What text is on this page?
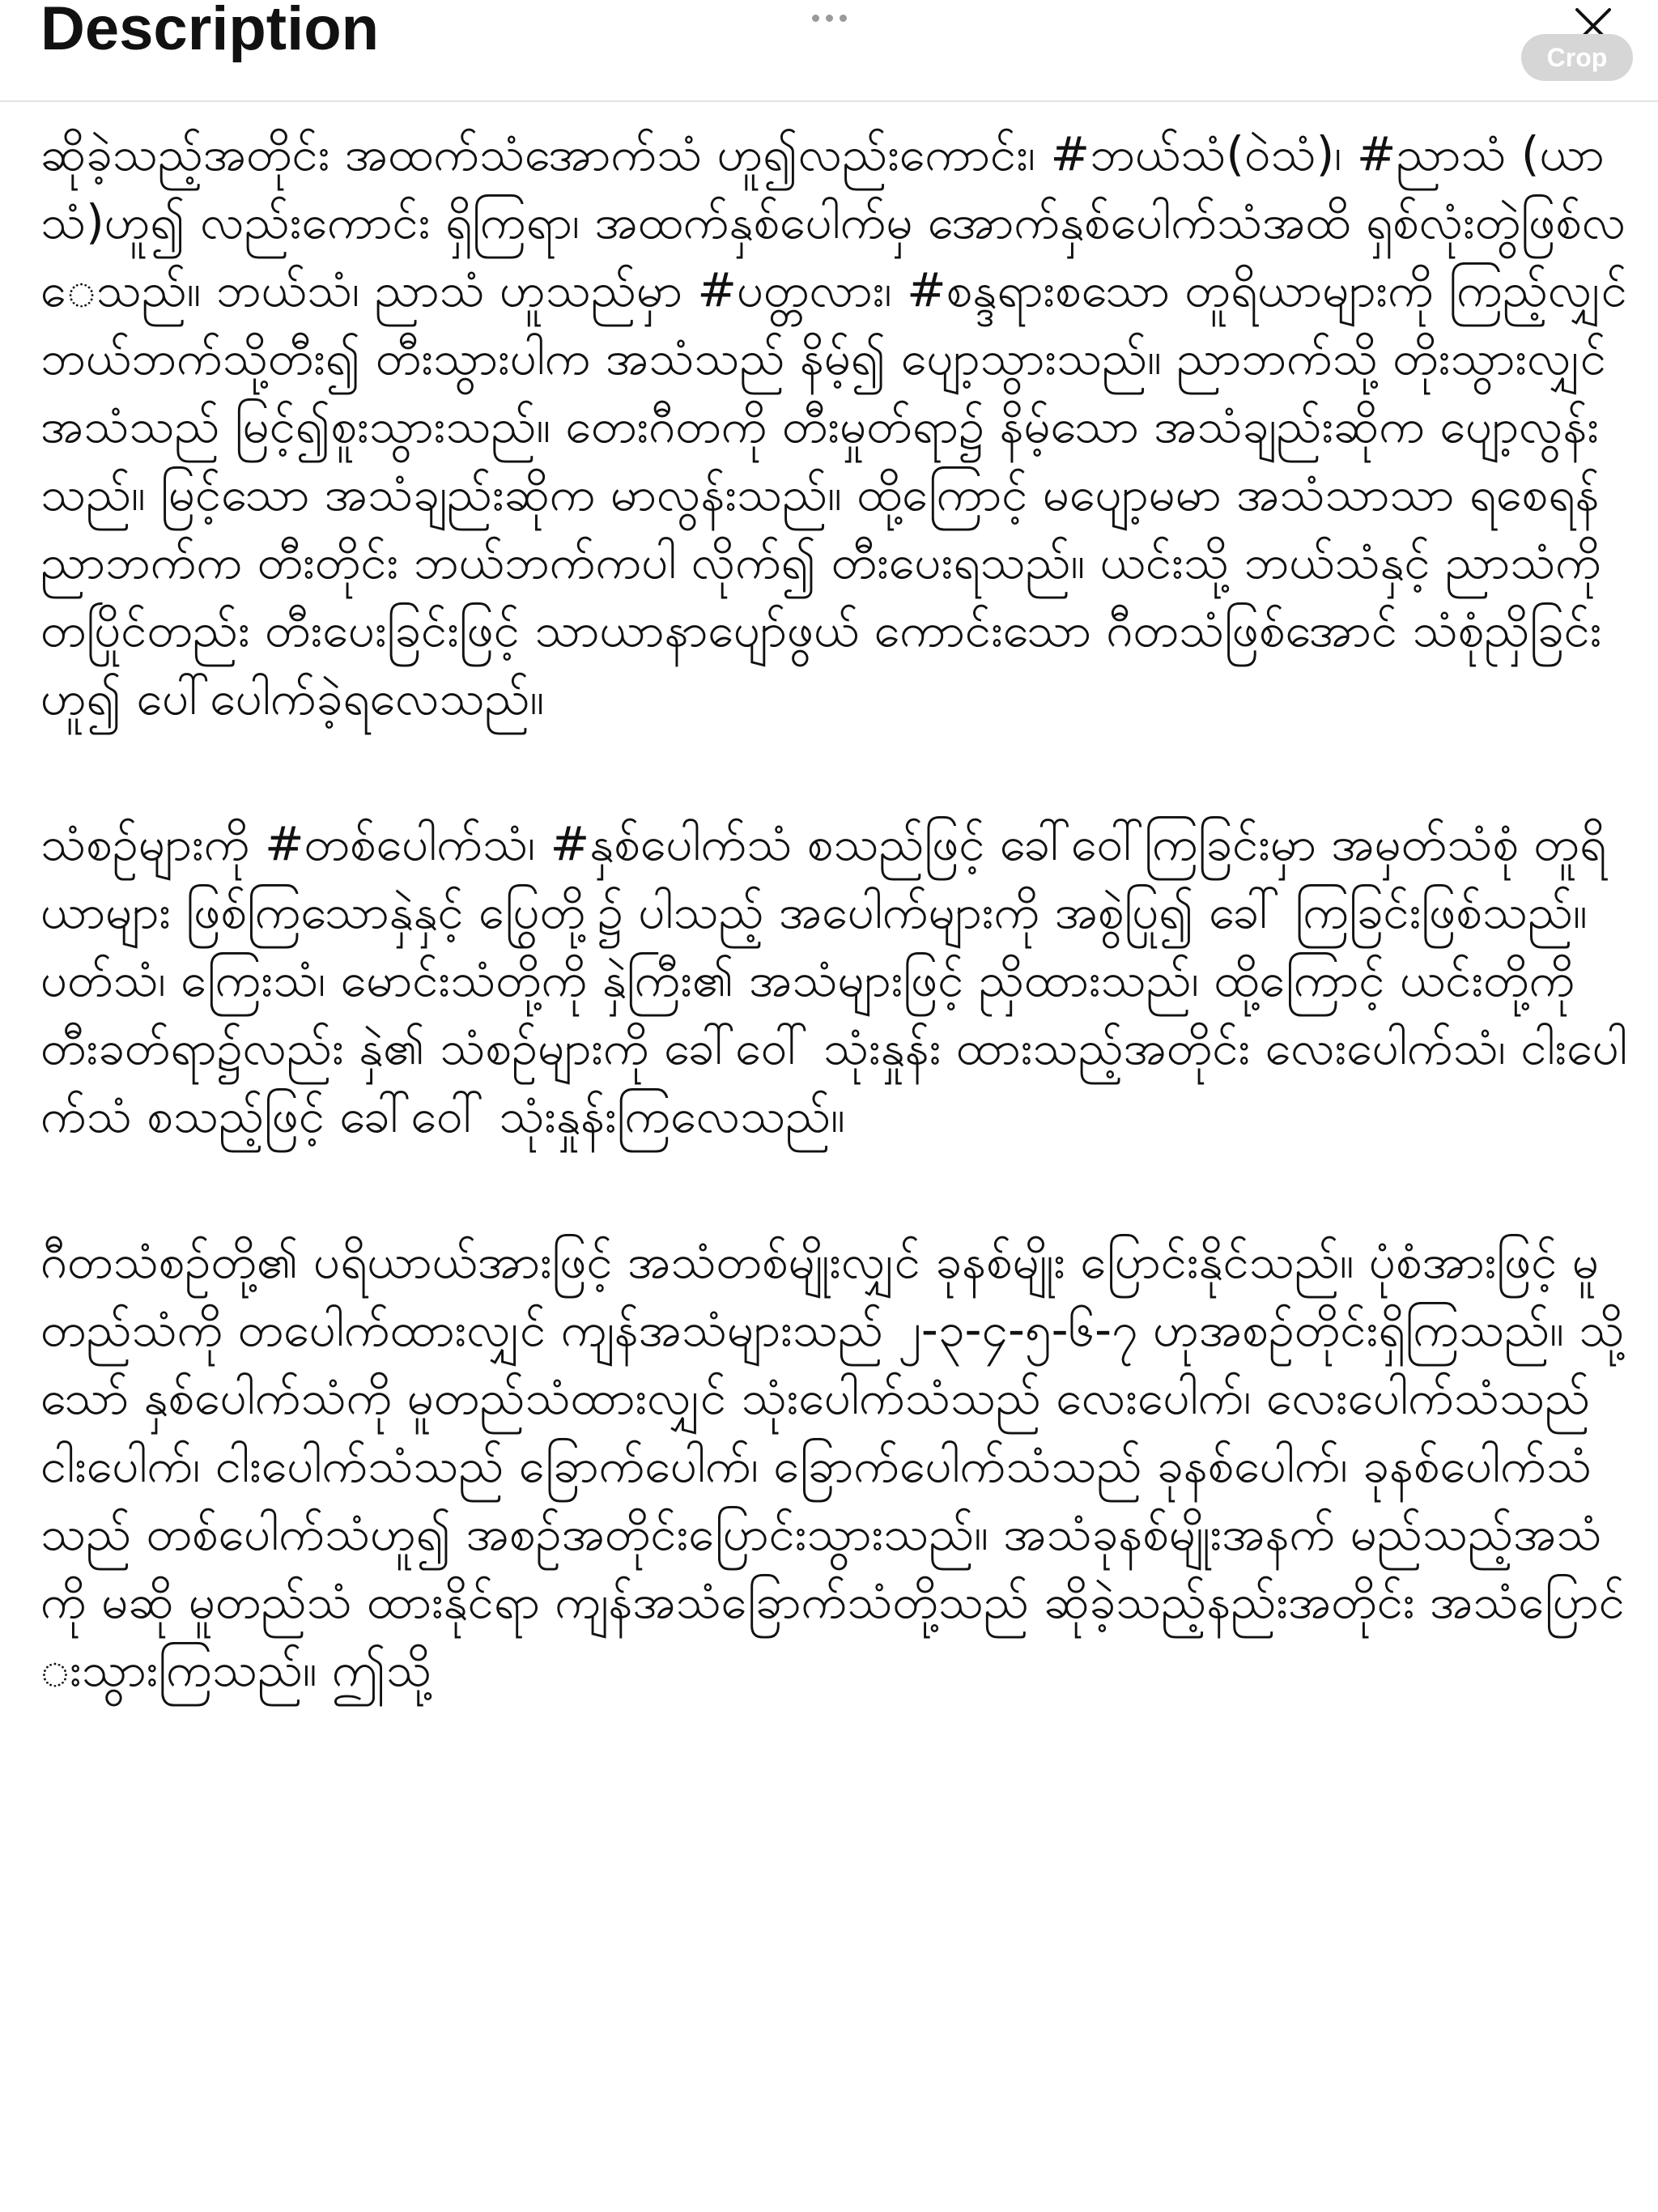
Description	Crop

ဆိုခဲ့သည့်အတိုင်း အထက်သံအောက်သံ ဟူ၍လည်းကောင်း၊ #ဘယ်သံ(ဝဲသံ)၊ #ညာသံ (ယာသံ)ဟူ၍ လည်းကောင်း ရှိကြရာ၊ အထက်နှစ်ပေါက်မှ အောက်နှစ်ပေါက်သံအထိ ရှစ်လုံးတွဲဖြစ်လေသည်။ ဘယ်သံ၊ ညာသံ ဟူသည်မှာ #ပတ္တလား၊ #စန္ဒရားစသော တူရိယာများကို ကြည့်လျှင် ဘယ်ဘက်သို့တီး၍ တီးသွားပါက အသံသည် နိမ့်၍ ပျော့သွားသည်။ ညာဘက်သို့ တိုးသွားလျှင် အသံသည် မြင့်၍စူးသွားသည်။ တေးဂီတကို တီးမှုတ်ရာ၌ နိမ့်သော အသံချည်းဆိုက ပျော့လွန်းသည်။ မြင့်သော အသံချည်းဆိုက မာလွန်းသည်။ ထို့ကြောင့် မပျော့မမာ အသံသာသာ ရစေရန် ညာဘက်က တီးတိုင်း ဘယ်ဘက်ကပါ လိုက်၍ တီးပေးရသည်။ ယင်းသို့ ဘယ်သံနှင့် ညာသံကို တပြိုင်တည်း တီးပေးခြင်းဖြင့် သာယာနာပျော်ဖွယ် ကောင်းသော ဂီတသံဖြစ်အောင် သံစုံညှိခြင်းဟူ၍ ပေါ်ပေါက်ခဲ့ရလေသည်။

သံစဉ်များကို #တစ်ပေါက်သံ၊ #နှစ်ပေါက်သံ စသည်ဖြင့် ခေါ်ဝေါ်ကြခြင်းမှာ အမှတ်သံစုံ တူရိယာများ ဖြစ်ကြသောနှဲနှင့် ပြွေတို့၌ ပါသည့် အပေါက်များကို အစွဲပြု၍ ခေါ် ကြခြင်းဖြစ်သည်။ ပတ်သံ၊ ကြေးသံ၊ မောင်းသံတို့ကို နှဲကြီး၏ အသံများဖြင့် ညှိထားသည်၊ ထို့ကြောင့် ယင်းတို့ကို တီးခတ်ရာ၌လည်း နှဲ၏ သံစဉ်များကို ခေါ်ဝေါ် သုံးနှုန်း ထားသည့်အတိုင်း လေးပေါက်သံ၊ ငါးပေါက်သံ စသည့်ဖြင့် ခေါ်ဝေါ် သုံးနှုန်းကြလေသည်။

ဂီတသံစဉ်တို့၏ ပရိယာယ်အားဖြင့် အသံတစ်မျိုးလျှင် ခုနစ်မျိုး ပြောင်းနိုင်သည်။ ပုံစံအားဖြင့် မူတည်သံကို တပေါက်ထားလျှင် ကျန်အသံများသည် ၂-၃-၄-၅-၆-၇ ဟုအစဉ်တိုင်းရှိကြသည်။ သို့သော် နှစ်ပေါက်သံကို မူတည်သံထားလျှင် သုံးပေါက်သံသည် လေးပေါက်၊ လေးပေါက်သံသည် ငါးပေါက်၊ ငါးပေါက်သံသည် ခြောက်ပေါက်၊ ခြောက်ပေါက်သံသည် ခုနစ်ပေါက်၊ ခုနစ်ပေါက်သံသည် တစ်ပေါက်သံဟူ၍ အစဉ်အတိုင်းပြောင်းသွားသည်။ အသံခုနစ်မျိုးအနက် မည်သည့်အသံကို မဆို မူတည်သံ ထားနိုင်ရာ ကျန်အသံခြောက်သံတို့သည် ဆိုခဲ့သည့်နည်းအတိုင်း အသံပြောင်းသွားကြသည်။ ဤသို့
